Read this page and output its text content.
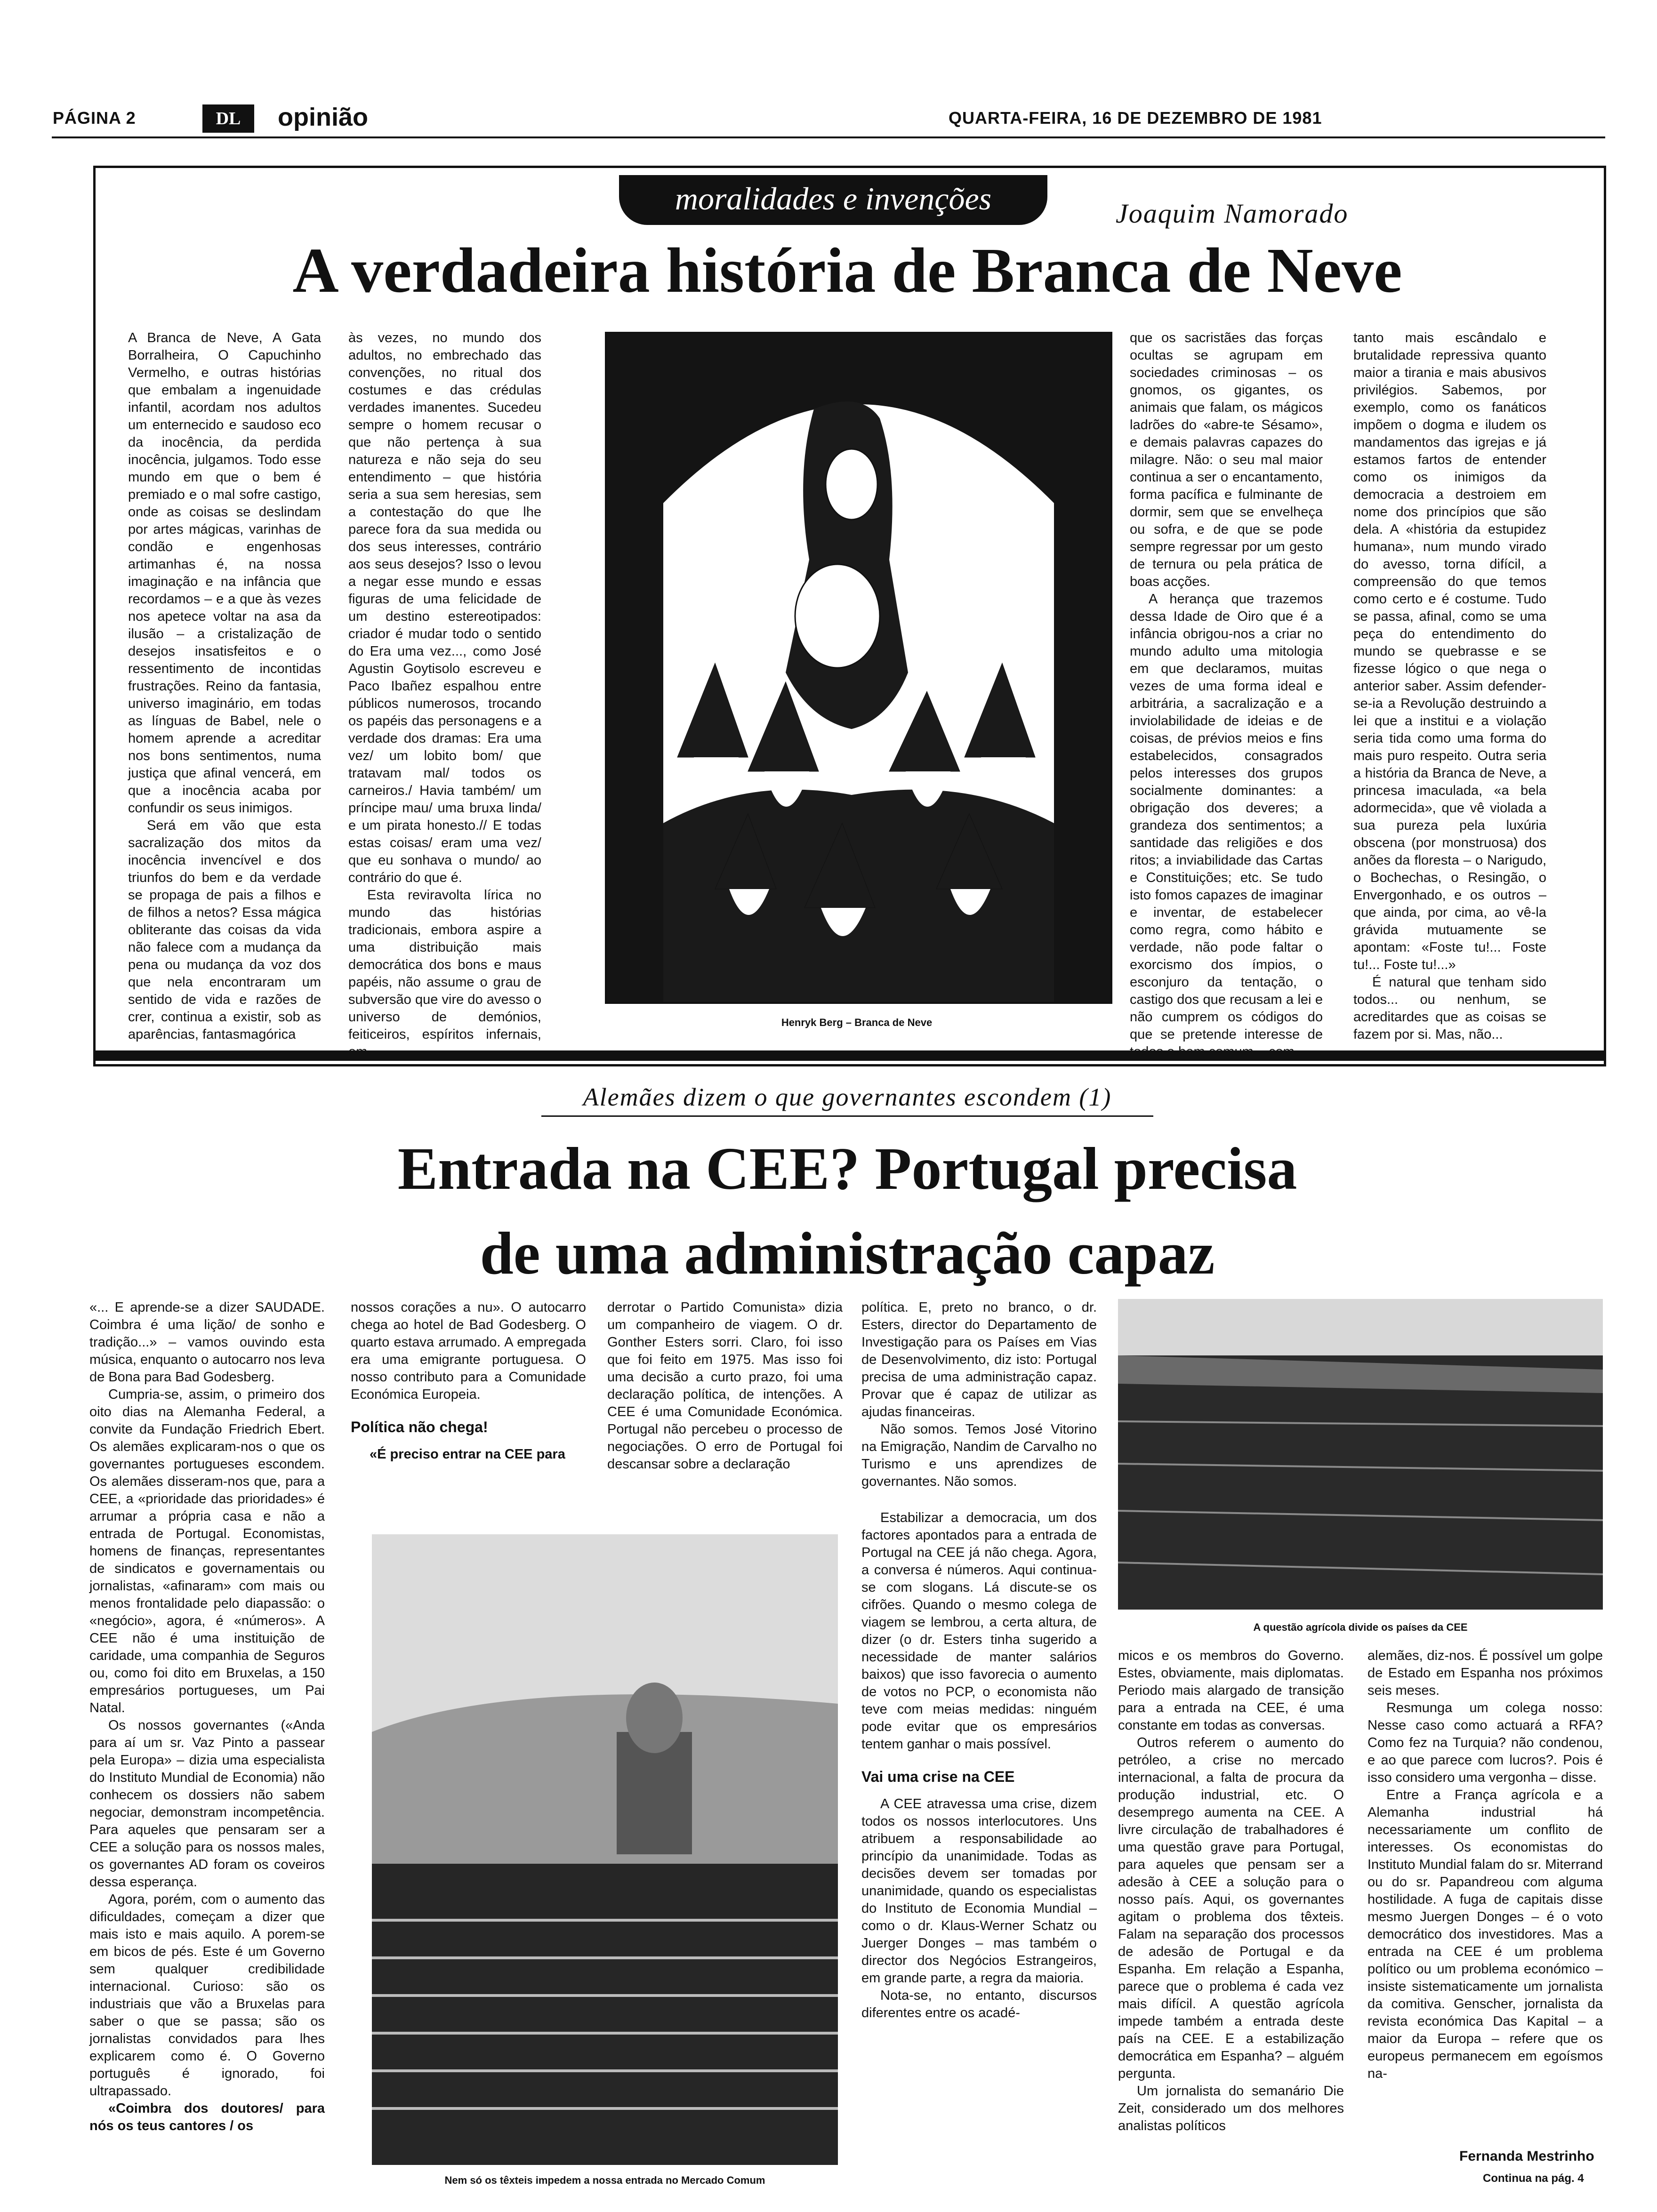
PÁGINA 2	DL	opinião	QUARTA-FEIRA, 16 DE DEZEMBRO DE 1981
moralidades e invenções	Joaquim Namorado
A verdadeira história de Branca de Neve

A Branca de Neve, A Gata Borralheira, O Capuchinho Vermelho, e outras histórias que embalam a ingenuidade infantil, acordam nos adultos um enternecido e saudoso eco da inocência, da perdida inocência, julgamos. Todo esse mundo em que o bem é premiado e o mal sofre castigo, onde as coisas se deslindam por artes mágicas, varinhas de condão e engenhosas artimanhas é, na nossa imaginação e na infância que recordamos – e a que às vezes nos apetece voltar na asa da ilusão – a cristalização de desejos insatisfeitos e o ressentimento de incontidas frustrações. Reino da fantasia, universo imaginário, em todas as línguas de Babel, nele o homem aprende a acreditar nos bons sentimentos, numa justiça que afinal vencerá, em que a inocência acaba por confundir os seus inimigos.

Será em vão que esta sacralização dos mitos da inocência invencível e dos triunfos do bem e da verdade se propaga de pais a filhos e de filhos a netos? Essa mágica obliterante das coisas da vida não falece com a mudança da pena ou mudança da voz dos que nela encontraram um sentido de vida e razões de crer, continua a existir, sob as aparências, fantasmagórica

às vezes, no mundo dos adultos, no embrechado das convenções, no ritual dos costumes e das crédulas verdades imanentes. Sucedeu sempre o homem recusar o que não pertença à sua natureza e não seja do seu entendimento – que história seria a sua sem heresias, sem a contestação do que lhe parece fora da sua medida ou dos seus interesses, contrário aos seus desejos? Isso o levou a negar esse mundo e essas figuras de uma felicidade de um destino estereotipados: criador é mudar todo o sentido do Era uma vez..., como José Agustin Goytisolo escreveu e Paco Ibañez espalhou entre públicos numerosos, trocando os papéis das personagens e a verdade dos dramas: Era uma vez/ um lobito bom/ que tratavam mal/ todos os carneiros./ Havia também/ um príncipe mau/ uma bruxa linda/ e um pirata honesto.// E todas estas coisas/ eram uma vez/ que eu sonhava o mundo/ ao contrário do que é.

Esta reviravolta lírica no mundo das histórias tradicionais, embora aspire a uma distribuição mais democrática dos bons e maus papéis, não assume o grau de subversão que vire do avesso o universo de demónios, feiticeiros, espíritos infernais,

Henryk Berg – Branca de Neve

que os sacristães das forças ocultas se agrupam em sociedades criminosas – os gnomos, os gigantes, os animais que falam, os mágicos ladrões do «abre-te Sésamo», e demais palavras capazes do milagre. Não: o seu mal maior continua a ser o encantamento, forma pacífica e fulminante de dormir, sem que se envelheça ou sofra, e de que se pode sempre regressar por um gesto de ternura ou pela prática de boas acções.

A herança que trazemos dessa Idade de Oiro que é a infância obrigou-nos a criar no mundo adulto uma mitologia em que declaramos, muitas vezes de uma forma ideal e arbitrária, a sacralização e a inviolabilidade de ideias e de coisas, de prévios meios e fins estabelecidos, consagrados pelos interesses dos grupos socialmente dominantes: a obrigação dos deveres; a grandeza dos sentimentos; a santidade das religiões e dos ritos; a inviabilidade das Cartas e Constituições; etc. Se tudo isto fomos capazes de imaginar e inventar, de estabelecer como regra, como hábito e verdade, não pode faltar o exorcismo dos ímpios, o esconjuro da tentação, o castigo dos que recusam a lei e não cumprem os códigos do que se pretende interesse de

tanto mais escândalo e brutalidade repressiva quanto maior a tirania e mais abusivos privilégios. Sabemos, por exemplo, como os fanáticos impõem o dogma e iludem os mandamentos das igrejas e já estamos fartos de entender como os inimigos da democracia a destroiem em nome dos princípios que são dela. A «história da estupidez humana», num mundo virado do avesso, torna difícil, a compreensão do que temos como certo e é costume. Tudo se passa, afinal, como se uma peça do entendimento do mundo se quebrasse e se fizesse lógico o que nega o anterior saber. Assim defender-se-ia a Revolução destruindo a lei que a institui e a violação seria tida como uma forma do mais puro respeito. Outra seria a história da Branca de Neve, a princesa imaculada, «a bela adormecida», que vê violada a sua pureza pela luxúria obscena (por monstruosa) dos anões da floresta – o Narigudo, o Bochechas, o Resingão, o Envergonhado, e os outros – que ainda, por cima, ao vê-la grávida mutuamente se apontam: «Foste tu!... Foste tu!... Foste tu!...»

É natural que tenham sido todos... ou nenhum, se acreditardes que as coisas se fazem por si. Mas, não...

Alemães dizem o que governantes escondem (1)
Entrada na CEE? Portugal precisa
de uma administração capaz

«... E aprende-se a dizer SAUDADE. Coimbra é uma lição/ de sonho e tradição...» – vamos ouvindo esta música, enquanto o autocarro nos leva de Bona para Bad Godesberg.

Cumpria-se, assim, o primeiro dos oito dias na Alemanha Federal, a convite da Fundação Friedrich Ebert. Os alemães explicaram-nos o que os governantes portugueses escondem. Os alemães disseram-nos que, para a CEE, a «prioridade das prioridades» é arrumar a própria casa e não a entrada de Portugal. Economistas, homens de finanças, representantes de sindicatos e governamentais ou jornalistas, «afinaram» com mais ou menos frontalidade pelo diapassão: o «negócio», agora, é «números». A CEE não é uma instituição de caridade, uma companhia de Seguros ou, como foi dito em Bruxelas, a 150 empresários portugueses, um Pai Natal.

Os nossos governantes («Anda para aí um sr. Vaz Pinto a passear pela Europa» – dizia uma especialista do Instituto Mundial de Economia) não conhecem os dossiers não sabem negociar, demonstram incompetência. Para aqueles que pensaram ser a CEE a solução para os nossos males, os governantes AD foram os coveiros dessa esperança.

Agora, porém, com o aumento das dificuldades, começam a dizer que mais isto e mais aquilo. A porem-se em bicos de pés. Este é um Governo sem qualquer credibilidade internacional. Curioso: são os industriais que vão a Bruxelas para saber o que se passa; são os jornalistas convidados para lhes explicarem como é. O Governo português é ignorado, foi ultrapassado.

«Coimbra dos doutores/ para nós os teus cantores / os

nossos corações a nu». O autocarro chega ao hotel de Bad Godesberg. O quarto estava arrumado. A empregada era uma emigrante portuguesa. O nosso contributo para a Comunidade Económica Europeia.

Política não chega!

«É preciso entrar na CEE para

derrotar o Partido Comunista» dizia um companheiro de viagem. O dr. Gonther Esters sorri. Claro, foi isso que foi feito em 1975. Mas isso foi uma decisão a curto prazo, foi uma declaração política, de intenções. A CEE é uma Comunidade Económica. Portugal não percebeu o processo de negociações. O erro de Portugal foi descansar sobre a declaração

Nem só os têxteis impedem a nossa entrada no Mercado Comum

política. E, preto no branco, o dr. Esters, director do Departamento de Investigação para os Países em Vias de Desenvolvimento, diz isto: Portugal precisa de uma administração capaz. Provar que é capaz de utilizar as ajudas financeiras.

Não somos. Temos José Vitorino na Emigração, Nandim de Carvalho no Turismo e uns aprendizes de governantes. Não somos.

Estabilizar a democracia, um dos factores apontados para a entrada de Portugal na CEE já não chega. Agora, a conversa é números. Aqui continua-se com slogans. Lá discute-se os cifrões. Quando o mesmo colega de viagem se lembrou, a certa altura, de dizer (o dr. Esters tinha sugerido a necessidade de manter salários baixos) que isso favorecia o aumento de votos no PCP, o economista não teve com meias medidas: ninguém pode evitar que os empresários tentem ganhar o mais possível.

Vai uma crise na CEE

A CEE atravessa uma crise, dizem todos os nossos interlocutores. Uns atribuem a responsabilidade ao princípio da unanimidade. Todas as decisões devem ser tomadas por unanimidade, quando os especialistas do Instituto de Economia Mundial – como o dr. Klaus-Werner Schatz ou Juerger Donges – mas também o director dos Negócios Estrangeiros, em grande parte, a regra da maioria.

Nota-se, no entanto, discursos diferentes entre os acadé-

A questão agrícola divide os países da CEE

micos e os membros do Governo. Estes, obviamente, mais diplomatas. Periodo mais alargado de transição para a entrada na CEE, é uma constante em todas as conversas.

Outros referem o aumento do petróleo, a crise no mercado internacional, a falta de procura da produção industrial, etc. O desemprego aumenta na CEE. A livre circulação de trabalhadores é uma questão grave para Portugal, para aqueles que pensam ser a adesão à CEE a solução para o nosso país. Aqui, os governantes agitam o problema dos têxteis. Falam na separação dos processos de adesão de Portugal e da Espanha. Em relação a Espanha, parece que o problema é cada vez mais difícil. A questão agrícola impede também a entrada deste país na CEE. E a estabilização democrática em Espanha? – alguém pergunta.

Um jornalista do semanário Die Zeit, considerado um dos melhores analistas políticos

alemães, diz-nos. É possível um golpe de Estado em Espanha nos próximos seis meses.

Resmunga um colega nosso: Nesse caso como actuará a RFA? Como fez na Turquia? não condenou, e ao que parece com lucros?. Pois é isso considero uma vergonha – disse.

Entre a França agrícola e a Alemanha industrial há necessariamente um conflito de interesses. Os economistas do Instituto Mundial falam do sr. Miterrand ou do sr. Papandreou com alguma hostilidade. A fuga de capitais disse mesmo Juergen Donges – é o voto democrático dos investidores. Mas a entrada na CEE é um problema político ou um problema económico – insiste sistematicamente um jornalista da comitiva. Genscher, jornalista da revista económica Das Kapital – a maior da Europa – refere que os europeus permanecem em egoísmos na-

Fernanda Mestrinho
Continua na pág. 4
